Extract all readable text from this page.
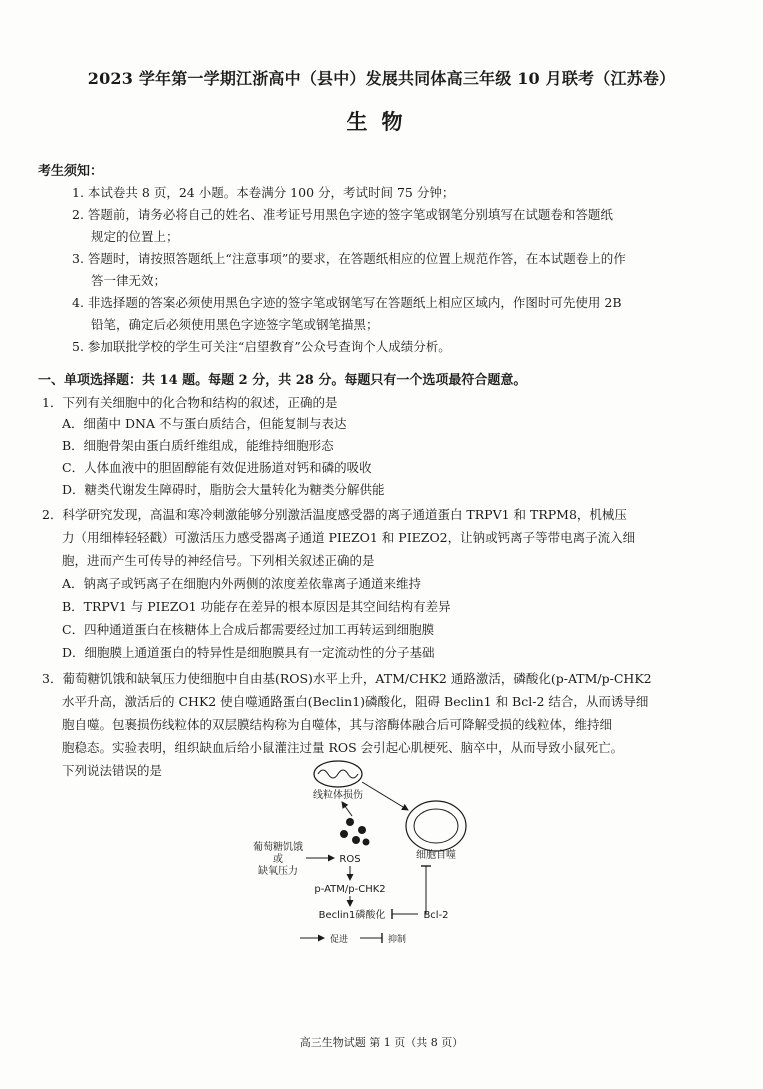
2023 学年第一学期江浙高中（县中）发展共同体高三年级 10 月联考（江苏卷）
生物
考生须知：
1. 本试卷共 8 页，24 小题。本卷满分 100 分，考试时间 75 分钟；
2. 答题前，请务必将自己的姓名、准考证号用黑色字迹的签字笔或钢笔分别填写在试题卷和答题纸
规定的位置上；
3. 答题时，请按照答题纸上“注意事项”的要求，在答题纸相应的位置上规范作答，在本试题卷上的作
答一律无效；
4. 非选择题的答案必须使用黑色字迹的签字笔或钢笔写在答题纸上相应区域内，作图时可先使用 2B
铅笔，确定后必须使用黑色字迹签字笔或钢笔描黑；
5. 参加联批学校的学生可关注“启望教育”公众号查询个人成绩分析。
一、单项选择题：共 14 题。每题 2 分，共 28 分。每题只有一个选项最符合题意。
1．下列有关细胞中的化合物和结构的叙述，正确的是
A．细菌中 DNA 不与蛋白质结合，但能复制与表达
B．细胞骨架由蛋白质纤维组成，能维持细胞形态
C．人体血液中的胆固醇能有效促进肠道对钙和磷的吸收
D．糖类代谢发生障碍时，脂肪会大量转化为糖类分解供能
2．科学研究发现，高温和寒冷刺激能够分别激活温度感受器的离子通道蛋白 TRPV1 和 TRPM8，机械压
力（用细棒轻轻戳）可激活压力感受器离子通道 PIEZO1 和 PIEZO2，让钠或钙离子等带电离子流入细
胞，进而产生可传导的神经信号。下列相关叙述正确的是
A．钠离子或钙离子在细胞内外两侧的浓度差依靠离子通道来维持
B．TRPV1 与 PIEZO1 功能存在差异的根本原因是其空间结构有差异
C．四种通道蛋白在核糖体上合成后都需要经过加工再转运到细胞膜
D．细胞膜上通道蛋白的特异性是细胞膜具有一定流动性的分子基础
3．葡萄糖饥饿和缺氧压力使细胞中自由基(ROS)水平上升，ATM/CHK2 通路激活，磷酸化(p-ATM/p-CHK2
水平升高，激活后的 CHK2 使自噬通路蛋白(Beclin1)磷酸化，阻碍 Beclin1 和 Bcl-2 结合，从而诱导细
胞自噬。包裹损伤线粒体的双层膜结构称为自噬体，其与溶酶体融合后可降解受损的线粒体，维持细
胞稳态。实验表明，组织缺血后给小鼠灌注过量 ROS 会引起心肌梗死、脑卒中，从而导致小鼠死亡。
下列说法错误的是
线粒体损伤
细胞自噬
葡萄糖饥饿
或
缺氧压力
ROS
p-ATM/p-CHK2
Beclin1磷酸化	Bcl-2
促进	抑制
高三生物试题 第 1 页（共 8 页）
